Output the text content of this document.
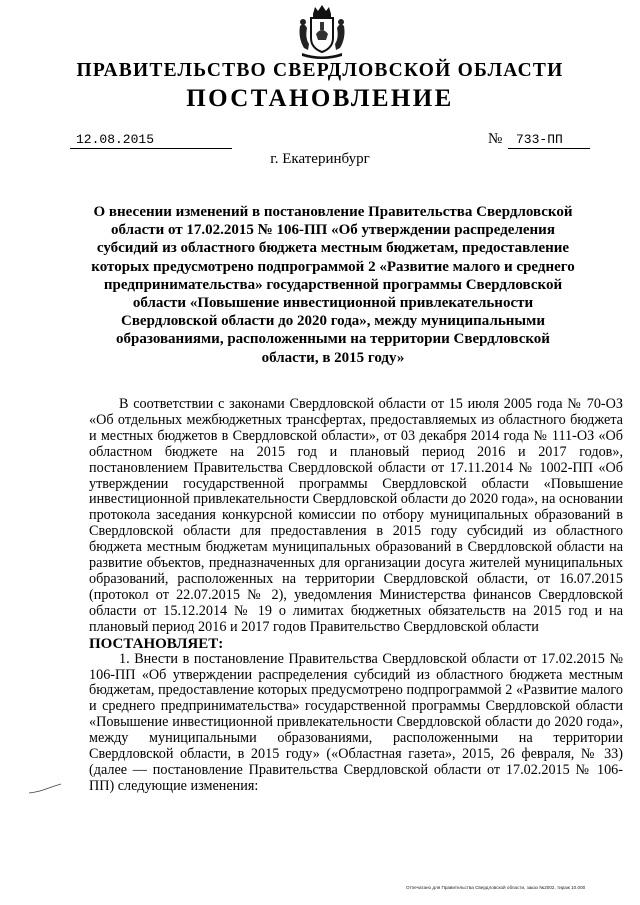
ПРАВИТЕЛЬСТВО СВЕРДЛОВСКОЙ ОБЛАСТИ
ПОСТАНОВЛЕНИЕ
12.08.2015	№	733-ПП
г. Екатеринбург
О внесении изменений в постановление Правительства Свердловской области от 17.02.2015 № 106-ПП «Об утверждении распределения субсидий из областного бюджета местным бюджетам, предоставление которых предусмотрено подпрограммой 2 «Развитие малого и среднего предпринимательства» государственной программы Свердловской области «Повышение инвестиционной привлекательности Свердловской области до 2020 года», между муниципальными образованиями, расположенными на территории Свердловской области, в 2015 году»

В соответствии с законами Свердловской области от 15 июля 2005 года № 70-ОЗ «Об отдельных межбюджетных трансфертах, предоставляемых из областного бюджета и местных бюджетов в Свердловской области», от 03 декабря 2014 года № 111-ОЗ «Об областном бюджете на 2015 год и плановый период 2016 и 2017 годов», постановлением Правительства Свердловской области от 17.11.2014 № 1002-ПП «Об утверждении государственной программы Свердловской области «Повышение инвестиционной привлекательности Свердловской области до 2020 года», на основании протокола заседания конкурсной комиссии по отбору муниципальных образований в Свердловской области для предоставления в 2015 году субсидий из областного бюджета местным бюджетам муниципальных образований в Свердловской области на развитие объектов, предназначенных для организации досуга жителей муниципальных образований, расположенных на территории Свердловской области, от 16.07.2015 (протокол от 22.07.2015 № 2), уведомления Министерства финансов Свердловской области от 15.12.2014 № 19 о лимитах бюджетных обязательств на 2015 год и на плановый период 2016 и 2017 годов Правительство Свердловской области

ПОСТАНОВЛЯЕТ:

1. Внести в постановление Правительства Свердловской области от 17.02.2015 № 106-ПП «Об утверждении распределения субсидий из областного бюджета местным бюджетам, предоставление которых предусмотрено подпрограммой 2 «Развитие малого и среднего предпринимательства» государственной программы Свердловской области «Повышение инвестиционной привлекательности Свердловской области до 2020 года», между муниципальными образованиями, расположенными на территории Свердловской области, в 2015 году» («Областная газета», 2015, 26 февраля, № 33) (далее — постановление Правительства Свердловской области от 17.02.2015 № 106-ПП) следующие изменения:

Отпечатано для Правительства Свердловской области, заказ №2002, тираж 10.000
